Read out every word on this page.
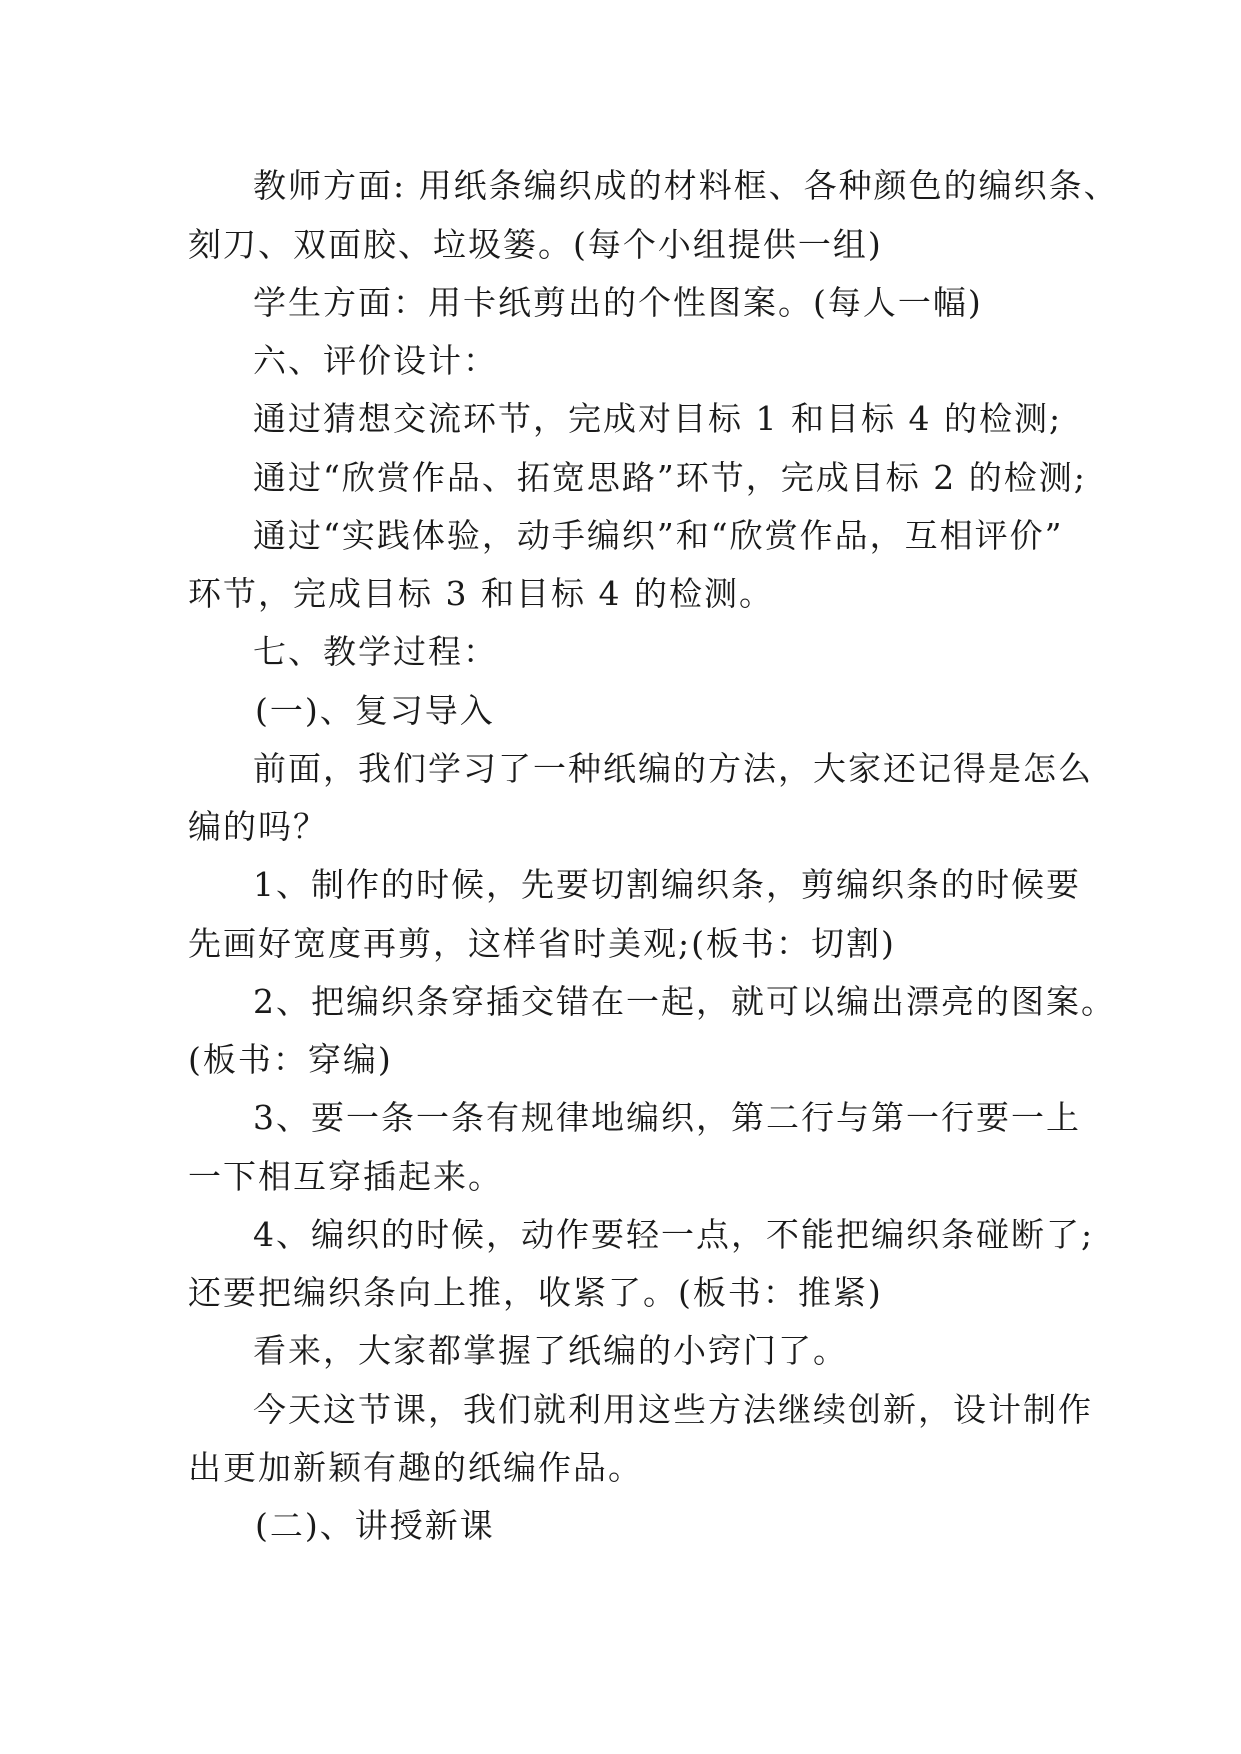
教师方面: 用纸条编织成的材料框、各种颜色的编织条、
刻刀、双面胶、垃圾篓。(每个小组提供一组)
学生方面：用卡纸剪出的个性图案。(每人一幅)
六、评价设计：
通过猜想交流环节，完成对目标 1 和目标 4 的检测;
通过“欣赏作品、拓宽思路”环节，完成目标 2 的检测;
通过“实践体验，动手编织”和“欣赏作品，互相评价”
环节，完成目标 3 和目标 4 的检测。
七、教学过程：
(一)、复习导入
前面，我们学习了一种纸编的方法，大家还记得是怎么
编的吗？
1、制作的时候，先要切割编织条，剪编织条的时候要
先画好宽度再剪，这样省时美观;(板书：切割)
2、把编织条穿插交错在一起，就可以编出漂亮的图案。
(板书：穿编)
3、要一条一条有规律地编织，第二行与第一行要一上
一下相互穿插起来。
4、编织的时候，动作要轻一点，不能把编织条碰断了;
还要把编织条向上推，收紧了。(板书：推紧)
看来，大家都掌握了纸编的小窍门了。
今天这节课，我们就利用这些方法继续创新，设计制作
出更加新颖有趣的纸编作品。
(二)、讲授新课
